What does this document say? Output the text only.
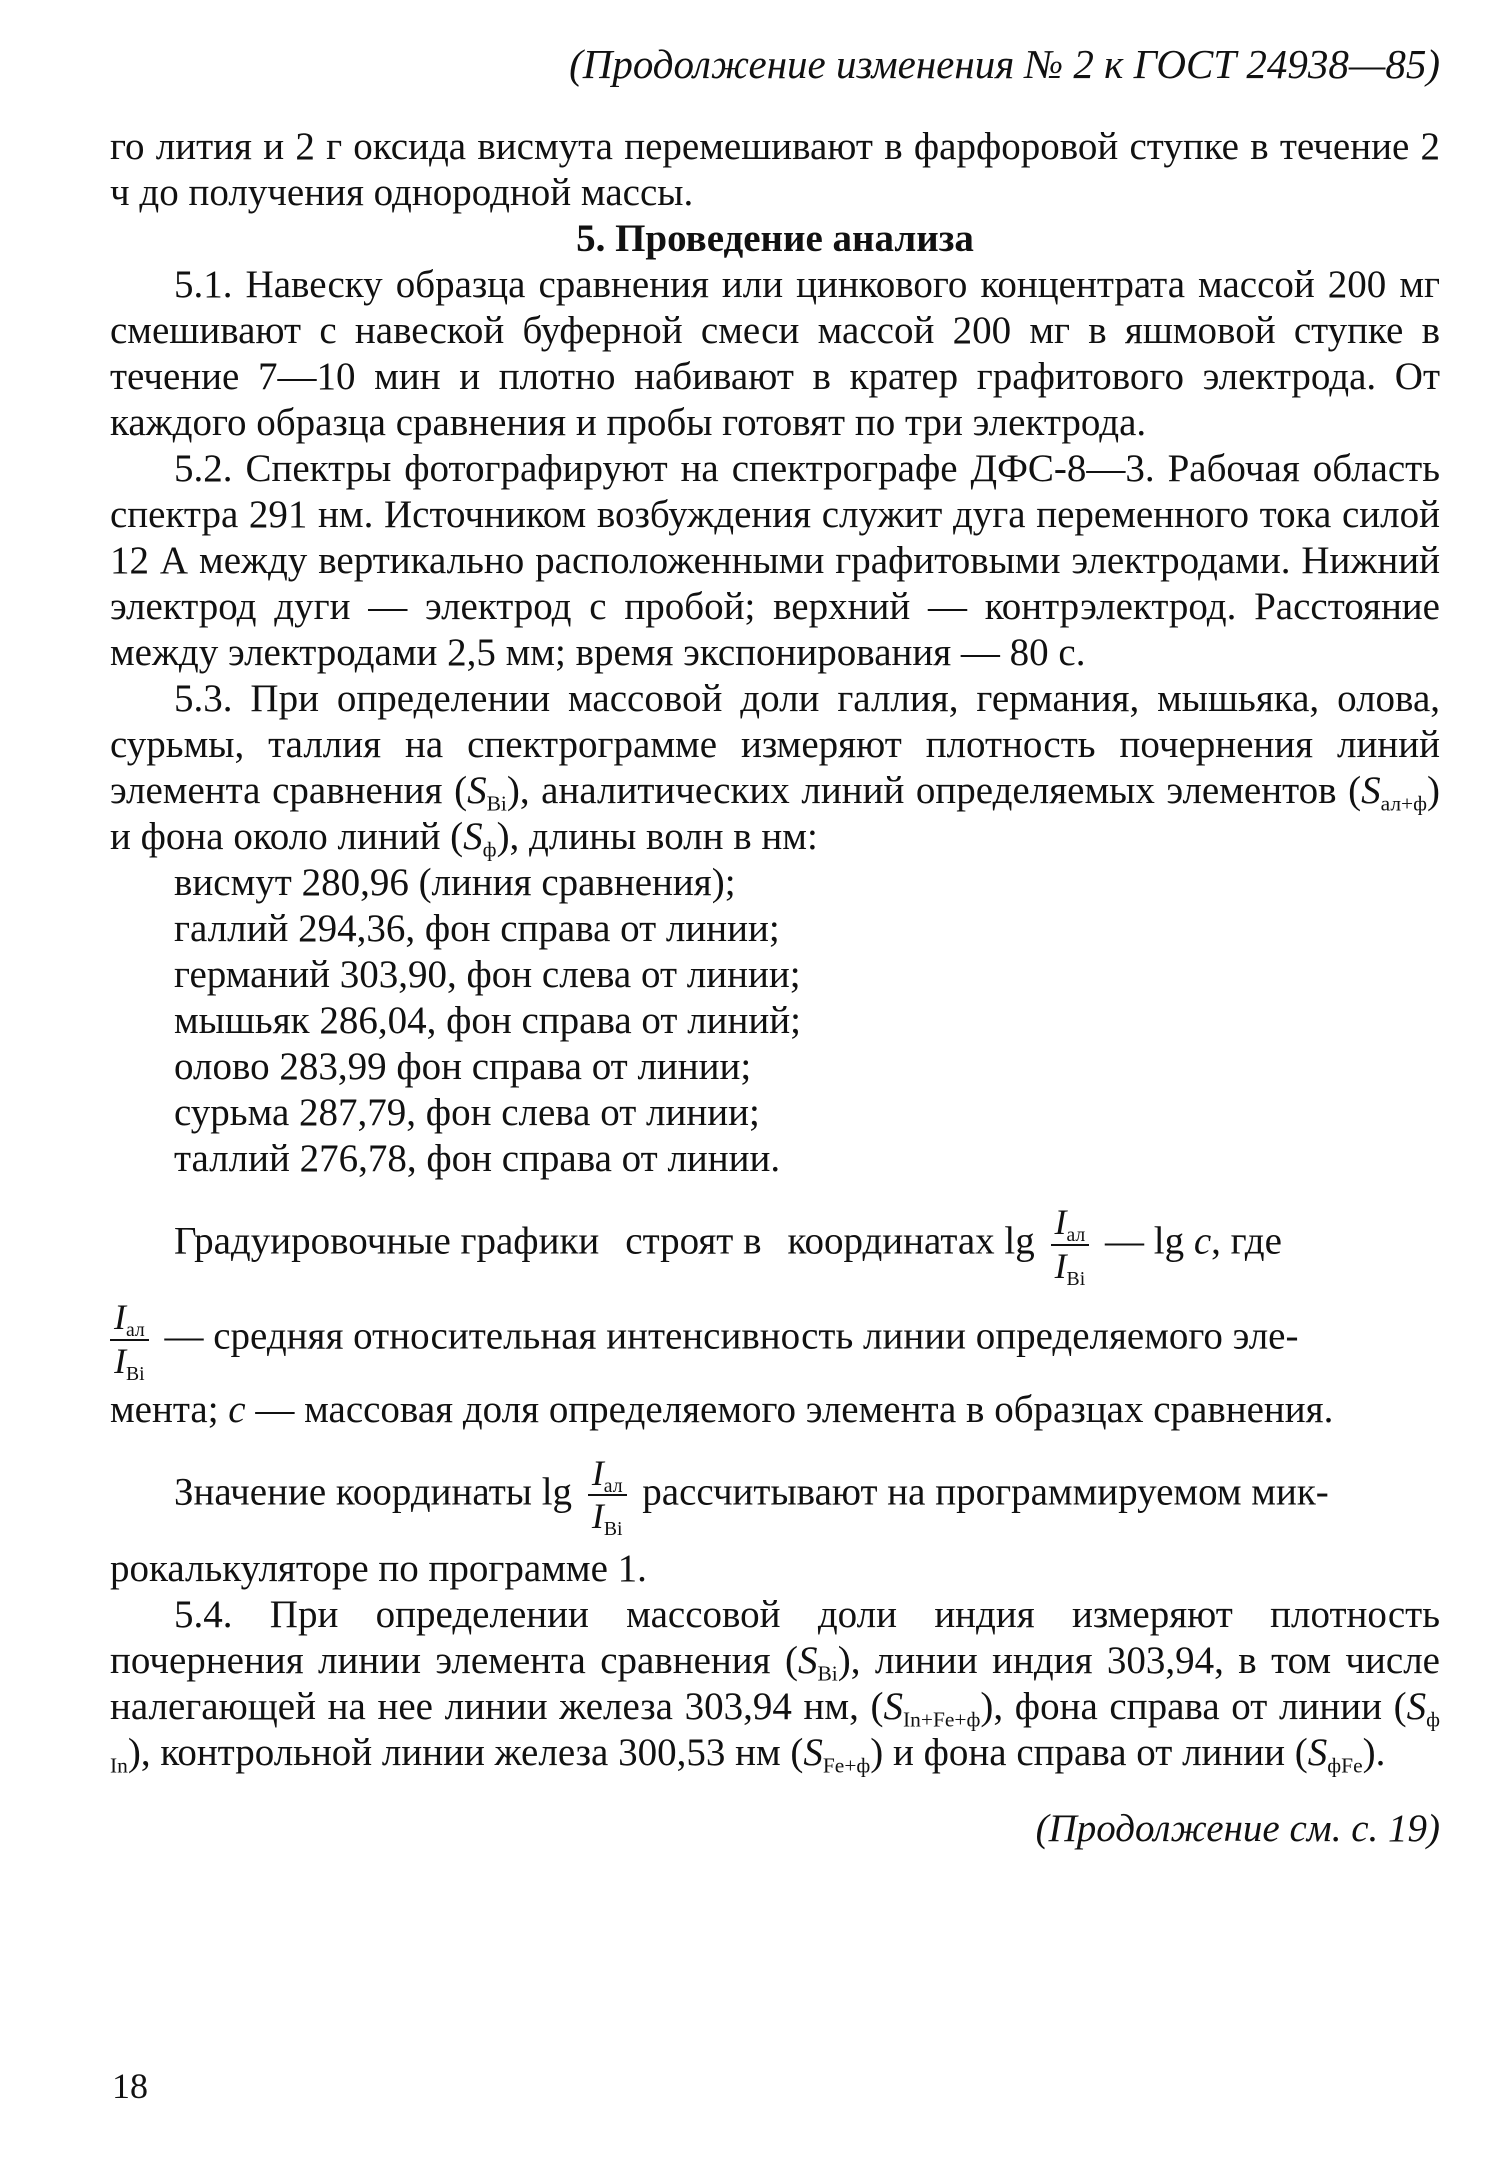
(Продолжение изменения № 2 к ГОСТ 24938—85)

го лития и 2 г оксида висмута перемешивают в фарфоровой ступке в течение 2 ч до получения однородной массы.

5. Проведение анализа

5.1. Навеску образца сравнения или цинкового концентрата массой 200 мг смешивают с навеской буферной смеси массой 200 мг в яшмовой ступке в течение 7—10 мин и плотно набивают в кратер графитового электрода. От каждого образца сравнения и пробы готовят по три электрода.

5.2. Спектры фотографируют на спектрографе ДФС-8—3. Рабочая область спектра 291 нм. Источником возбуждения служит дуга переменного тока силой 12 А между вертикально расположенными графитовыми электродами. Нижний электрод дуги — электрод с пробой; верхний — контрэлектрод. Расстояние между электродами 2,5 мм; время экспонирования — 80 с.

5.3. При определении массовой доли галлия, германия, мышьяка, олова, сурьмы, таллия на спектрограмме измеряют плотность почернения линий элемента сравнения $(S_{Bi})$, аналитических линий определяемых элементов $(S_{ал+ф})$ и фона около линий $(S_ф)$, длины волн в нм:

висмут 280,96 (линия сравнения);
галлий 294,36, фон справа от линии;
германий 303,90, фон слева от линии;
мышьяк 286,04, фон справа от линий;
олово 283,99 фон справа от линии;
сурьма 287,79, фон слева от линии;
таллий 276,78, фон справа от линии.

Градуировочные графики строят в координатах $\lg \frac{I_{ал}}{I_{Bi}}$ — lg c, где

$\frac{I_{ал}}{I_{Bi}}$ — средняя относительная интенсивность линии определяемого эле-

мента; c — массовая доля определяемого элемента в образцах сравнения.

Значение координаты $\lg \frac{I_{ал}}{I_{Bi}}$ рассчитывают на программируемом мик-

рокалькуляторе по программе 1.

5.4. При определении массовой доли индия измеряют плотность почернения линии элемента сравнения $(S_{Bi})$, линии индия 303,94, в том числе налегающей на нее линии железа 303,94 нм, $(S_{In+Fe+ф})$, фона справа от линии $(S_{ф In})$, контрольной линии железа 300,53 нм $(S_{Fe+ф})$ и фона справа от линии $(S_{фFe})$.

(Продолжение см. с. 19)
18
